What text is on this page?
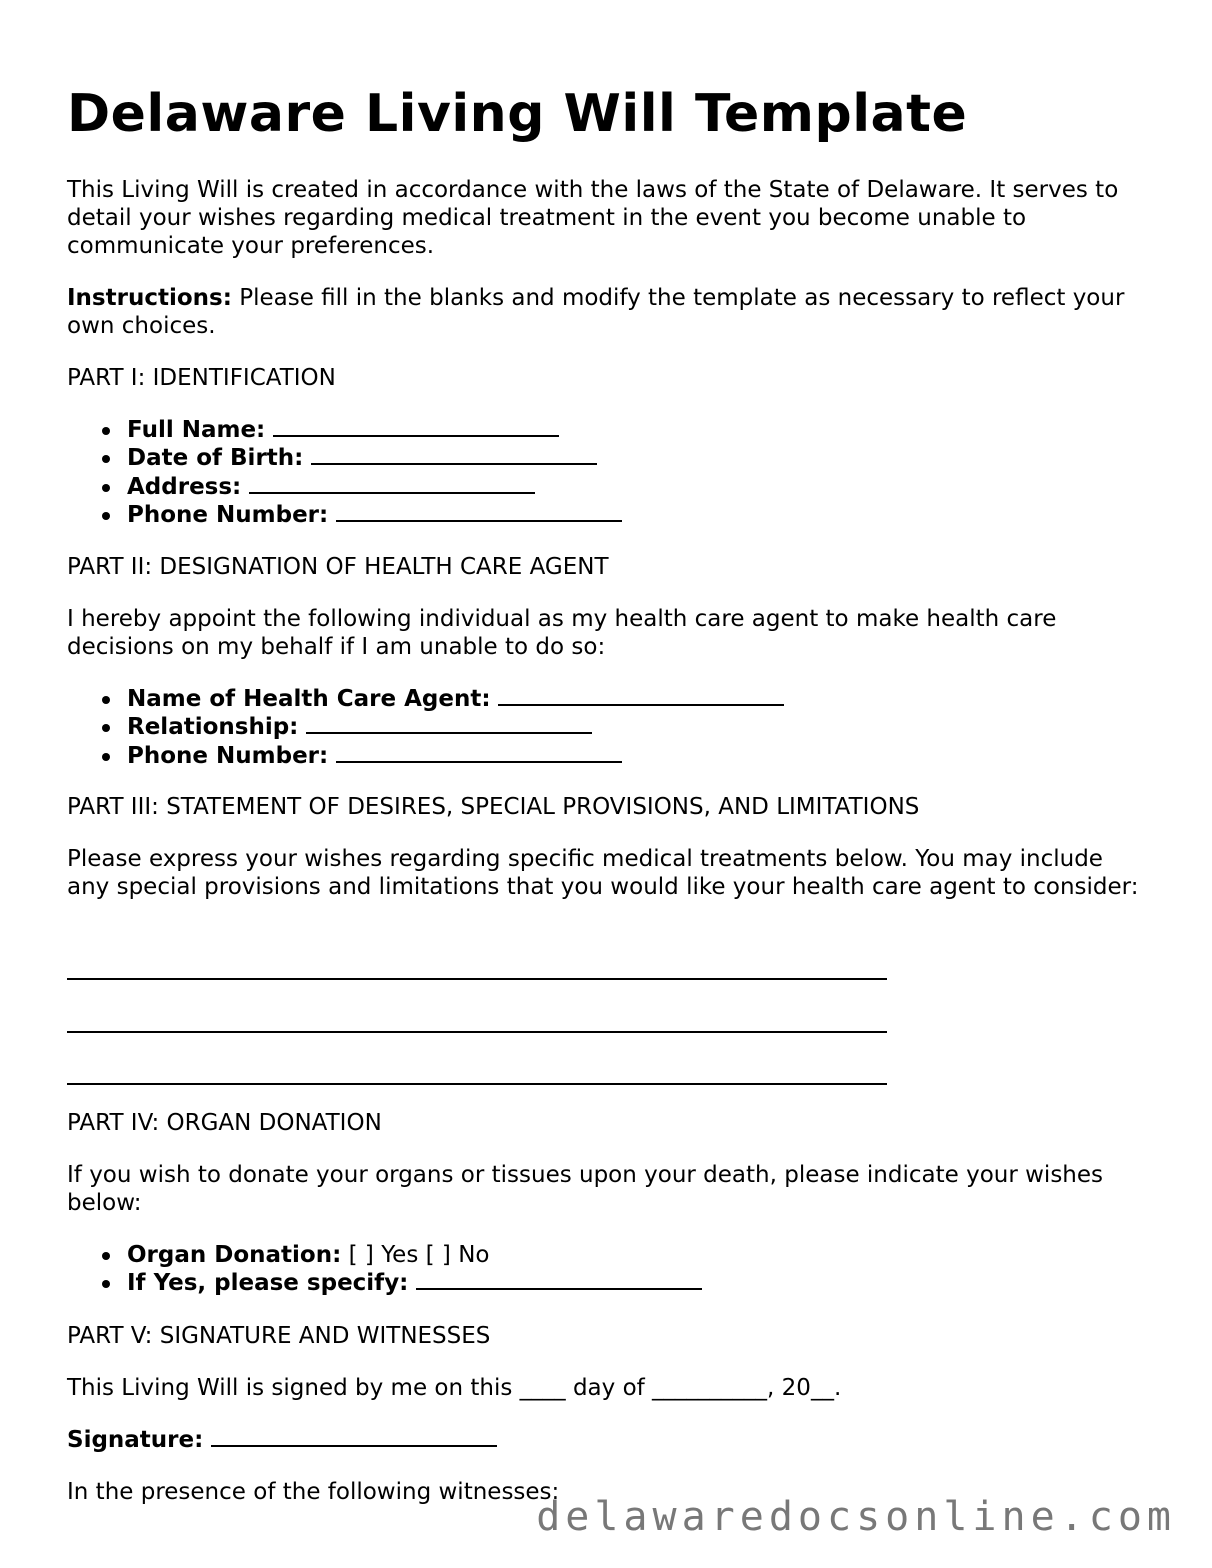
Delaware Living Will Template

This Living Will is created in accordance with the laws of the State of Delaware. It serves to detail your wishes regarding medical treatment in the event you become unable to communicate your preferences.

Instructions: Please fill in the blanks and modify the template as necessary to reflect your own choices.

PART I: IDENTIFICATION

Full Name:
Date of Birth:
Address:
Phone Number:

PART II: DESIGNATION OF HEALTH CARE AGENT

I hereby appoint the following individual as my health care agent to make health care decisions on my behalf if I am unable to do so:

Name of Health Care Agent:
Relationship:
Phone Number:

PART III: STATEMENT OF DESIRES, SPECIAL PROVISIONS, AND LIMITATIONS

Please express your wishes regarding specific medical treatments below. You may include any special provisions and limitations that you would like your health care agent to consider:

PART IV: ORGAN DONATION

If you wish to donate your organs or tissues upon your death, please indicate your wishes below:

Organ Donation: [ ] Yes [ ] No
If Yes, please specify:

PART V: SIGNATURE AND WITNESSES

This Living Will is signed by me on this ____ day of __________, 20__.

Signature:

In the presence of the following witnesses:

delawaredocsonline.com
